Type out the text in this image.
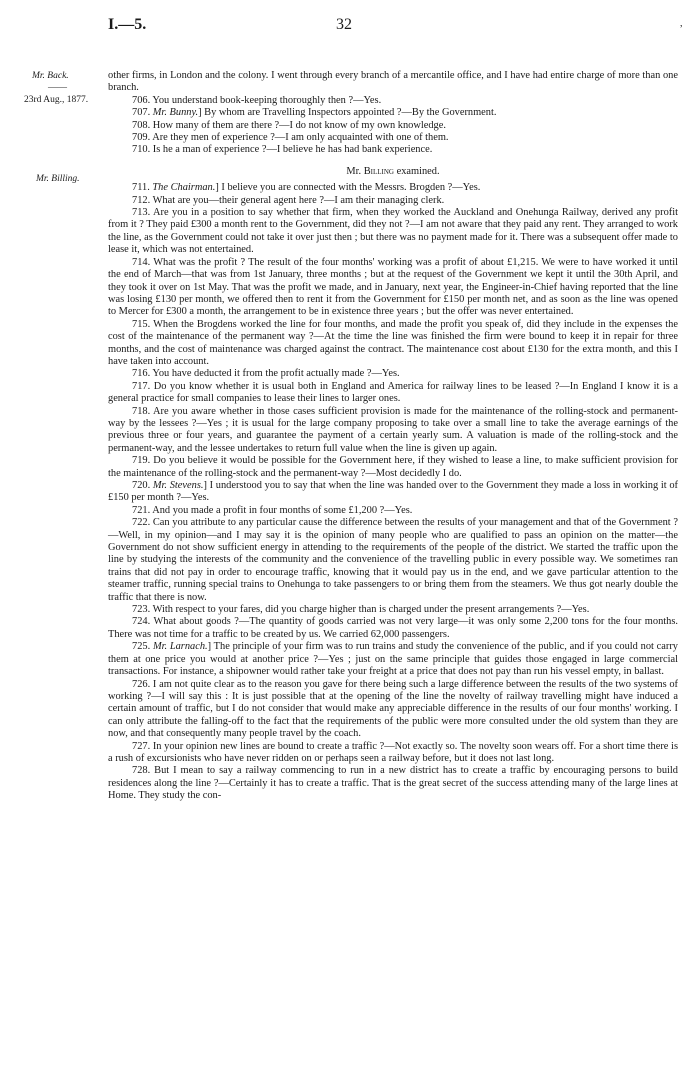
I.—5.	32	,
Mr. Back.
——
23rd Aug., 1877.
Mr. Billing.

other firms, in London and the colony. I went through every branch of a mercantile office, and I have had entire charge of more than one branch.

706. You understand book-keeping thoroughly then ?—Yes.

707. Mr. Bunny.] By whom are Travelling Inspectors appointed ?—By the Government.

708. How many of them are there ?—I do not know of my own knowledge.

709. Are they men of experience ?—I am only acquainted with one of them.

710. Is he a man of experience ?—I believe he has had bank experience.

Mr. Billing examined.

711. The Chairman.] I believe you are connected with the Messrs. Brogden ?—Yes.

712. What are you—their general agent here ?—I am their managing clerk.

713. Are you in a position to say whether that firm, when they worked the Auckland and Onehunga Railway, derived any profit from it ? They paid £300 a month rent to the Government, did they not ?—I am not aware that they paid any rent. They arranged to work the line, as the Government could not take it over just then ; but there was no payment made for it. There was a subsequent offer made to lease it, which was not entertained.

714. What was the profit ? The result of the four months' working was a profit of about £1,215. We were to have worked it until the end of March—that was from 1st January, three months ; but at the request of the Government we kept it until the 30th April, and they took it over on 1st May. That was the profit we made, and in January, next year, the Engineer-in-Chief having reported that the line was losing £130 per month, we offered then to rent it from the Government for £150 per month net, and as soon as the line was opened to Mercer for £300 a month, the arrangement to be in existence three years ; but the offer was never entertained.

715. When the Brogdens worked the line for four months, and made the profit you speak of, did they include in the expenses the cost of the maintenance of the permanent way ?—At the time the line was finished the firm were bound to keep it in repair for three months, and the cost of maintenance was charged against the contract. The maintenance cost about £130 for the extra month, and this I have taken into account.

716. You have deducted it from the profit actually made ?—Yes.

717. Do you know whether it is usual both in England and America for railway lines to be leased ?—In England I know it is a general practice for small companies to lease their lines to larger ones.

718. Are you aware whether in those cases sufficient provision is made for the maintenance of the rolling-stock and permanent-way by the lessees ?—Yes ; it is usual for the large company proposing to take over a small line to take the average earnings of the previous three or four years, and guarantee the payment of a certain yearly sum. A valuation is made of the rolling-stock and the permanent-way, and the lessee undertakes to return full value when the line is given up again.

719. Do you believe it would be possible for the Government here, if they wished to lease a line, to make sufficient provision for the maintenance of the rolling-stock and the permanent-way ?—Most decidedly I do.

720. Mr. Stevens.] I understood you to say that when the line was handed over to the Government they made a loss in working it of £150 per month ?—Yes.

721. And you made a profit in four months of some £1,200 ?—Yes.

722. Can you attribute to any particular cause the difference between the results of your management and that of the Government ?—Well, in my opinion—and I may say it is the opinion of many people who are qualified to pass an opinion on the matter—the Government do not show sufficient energy in attending to the requirements of the people of the district. We started the traffic upon the line by studying the interests of the community and the convenience of the travelling public in every possible way. We sometimes ran trains that did not pay in order to encourage traffic, knowing that it would pay us in the end, and we gave particular attention to the steamer traffic, running special trains to Onehunga to take passengers to or bring them from the steamers. We thus got nearly double the traffic that there is now.

723. With respect to your fares, did you charge higher than is charged under the present arrangements ?—Yes.

724. What about goods ?—The quantity of goods carried was not very large—it was only some 2,200 tons for the four months. There was not time for a traffic to be created by us. We carried 62,000 passengers.

725. Mr. Larnach.] The principle of your firm was to run trains and study the convenience of the public, and if you could not carry them at one price you would at another price ?—Yes ; just on the same principle that guides those engaged in large commercial transactions. For instance, a shipowner would rather take your freight at a price that does not pay than run his vessel empty, in ballast.

726. I am not quite clear as to the reason you gave for there being such a large difference between the results of the two systems of working ?—I will say this : It is just possible that at the opening of the line the novelty of railway travelling might have induced a certain amount of traffic, but I do not consider that would make any appreciable difference in the results of our four months' working. I can only attribute the falling-off to the fact that the requirements of the public were more consulted under the old system than they are now, and that consequently many people travel by the coach.

727. In your opinion new lines are bound to create a traffic ?—Not exactly so. The novelty soon wears off. For a short time there is a rush of excursionists who have never ridden on or perhaps seen a railway before, but it does not last long.

728. But I mean to say a railway commencing to run in a new district has to create a traffic by encouraging persons to build residences along the line ?—Certainly it has to create a traffic. That is the great secret of the success attending many of the large lines at Home. They study the con-
